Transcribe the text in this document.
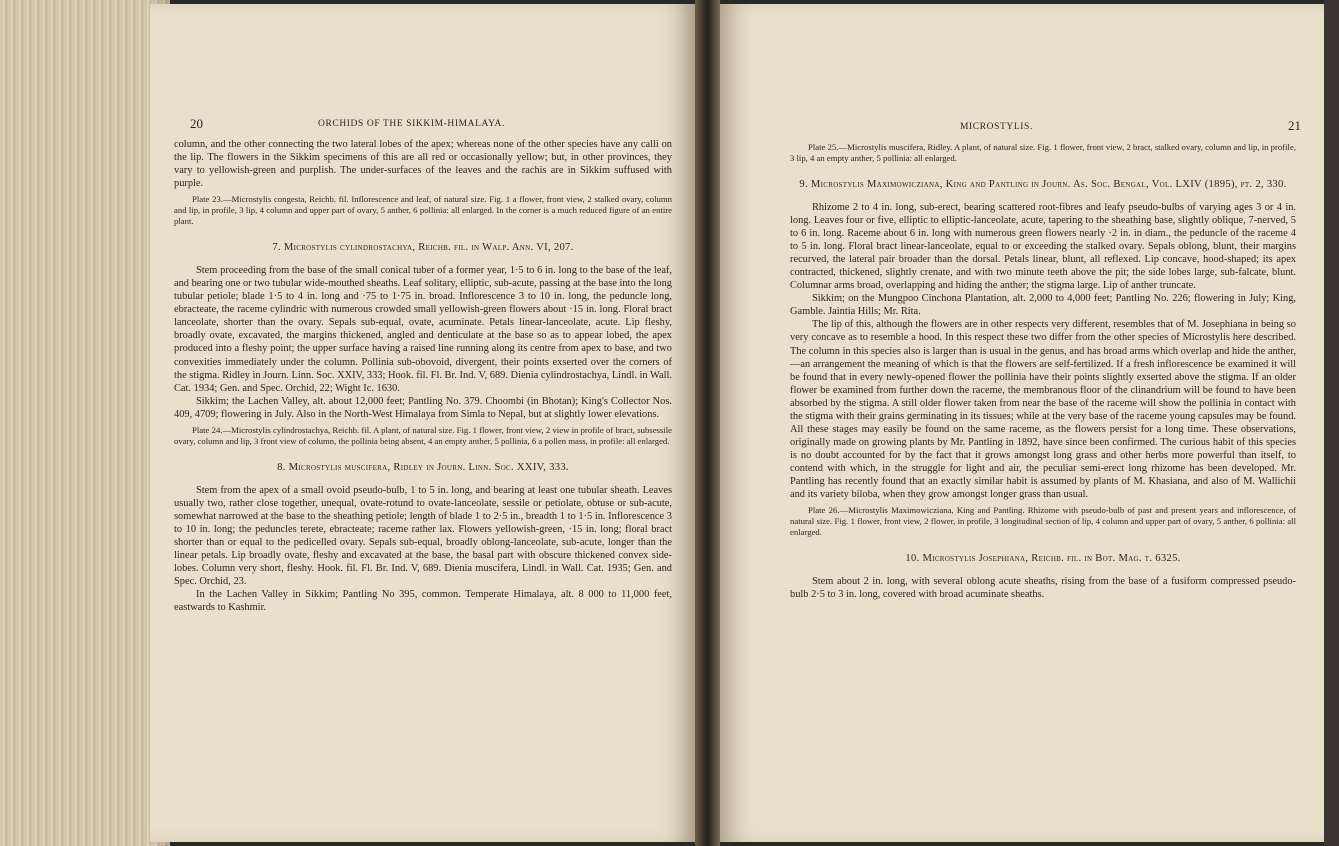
20	ORCHIDS OF THE SIKKIM-HIMALAYA.

column, and the other connecting the two lateral lobes of the apex; whereas none of the other species have any calli on the lip. The flowers in the Sikkim specimens of this are all red or occasionally yellow; but, in other provinces, they vary to yellowish-green and purplish. The under-surfaces of the leaves and the rachis are in Sikkim suffused with purple.

Plate 23.—Microstylis congesta, Reichb. fil. Inflorescence and leaf, of natural size. Fig. 1 a flower, front view, 2 stalked ovary, column and lip, in profile, 3 lip, 4 column and upper part of ovary, 5 anther, 6 pollinia: all enlarged. In the corner is a much reduced figure of an entire plant.

7. Microstylis cylindrostachya, Reichb. fil. in Walp. Ann. VI, 207.

Stem proceeding from the base of the small conical tuber of a former year, 1·5 to 6 in. long to the base of the leaf, and bearing one or two tubular wide-mouthed sheaths. Leaf solitary, elliptic, sub-acute, passing at the base into the long tubular petiole; blade 1·5 to 4 in. long and ·75 to 1·75 in. broad. Inflorescence 3 to 10 in. long, the peduncle long, ebracteate, the raceme cylindric with numerous crowded small yellowish-green flowers about ·15 in. long. Floral bract lanceolate, shorter than the ovary. Sepals sub-equal, ovate, acuminate. Petals linear-lanceolate, acute. Lip fleshy, broadly ovate, excavated, the margins thickened, angled and denticulate at the base so as to appear lobed, the apex produced into a fleshy point; the upper surface having a raised line running along its centre from apex to base, and two convexities immediately under the column. Pollinia sub-obovoid, divergent, their points exserted over the corners of the stigma. Ridley in Journ. Linn. Soc. XXIV, 333; Hook. fil. Fl. Br. Ind. V, 689. Dienia cylindrostachya, Lindl. in Wall. Cat. 1934; Gen. and Spec. Orchid, 22; Wight Ic. 1630.

Sikkim; the Lachen Valley, alt. about 12,000 feet; Pantling No. 379. Choombi (in Bhotan); King's Collector Nos. 409, 4709; flowering in July. Also in the North-West Himalaya from Simla to Nepal, but at slightly lower elevations.

Plate 24.—Microstylis cylindrostachya, Reichb. fil. A plant, of natural size. Fig. 1 flower, front view, 2 view in profile of bract, subsessile ovary, column and lip, 3 front view of column, the pollinia being absent, 4 an empty anther, 5 pollinia, 6 a pollen mass, in profile: all enlarged.

8. Microstylis muscifera, Ridley in Journ. Linn. Soc. XXIV, 333.

Stem from the apex of a small ovoid pseudo-bulb, 1 to 5 in. long, and bearing at least one tubular sheath. Leaves usually two, rather close together, unequal, ovate-rotund to ovate-lanceolate, sessile or petiolate, obtuse or sub-acute, somewhat narrowed at the base to the sheathing petiole; length of blade 1 to 2·5 in., breadth 1 to 1·5 in. Inflorescence 3 to 10 in. long; the peduncles terete, ebracteate; raceme rather lax. Flowers yellowish-green, ·15 in. long; floral bract shorter than or equal to the pedicelled ovary. Sepals sub-equal, broadly oblong-lanceolate, sub-acute, longer than the linear petals. Lip broadly ovate, fleshy and excavated at the base, the basal part with obscure thickened convex side-lobes. Column very short, fleshy. Hook. fil. Fl. Br. Ind. V, 689. Dienia muscifera, Lindl. in Wall. Cat. 1935; Gen. and Spec. Orchid, 23.

In the Lachen Valley in Sikkim; Pantling No 395, common. Temperate Himalaya, alt. 8 000 to 11,000 feet, eastwards to Kashmir.

MICROSTYLIS.	21

Plate 25.—Microstylis muscifera, Ridley. A plant, of natural size. Fig. 1 flower, front view, 2 bract, stalked ovary, column and lip, in profile, 3 lip, 4 an empty anther, 5 pollinia: all enlarged.

9. Microstylis Maximowicziana, King and Pantling in Journ. As. Soc. Bengal, Vol. LXIV (1895), pt. 2, 330.

Rhizome 2 to 4 in. long, sub-erect, bearing scattered root-fibres and leafy pseudo-bulbs of varying ages 3 or 4 in. long. Leaves four or five, elliptic to elliptic-lanceolate, acute, tapering to the sheathing base, slightly oblique, 7-nerved, 5 to 6 in. long. Raceme about 6 in. long with numerous green flowers nearly ·2 in. in diam., the peduncle of the raceme 4 to 5 in. long. Floral bract linear-lanceolate, equal to or exceeding the stalked ovary. Sepals oblong, blunt, their margins recurved, the lateral pair broader than the dorsal. Petals linear, blunt, all reflexed. Lip concave, hood-shaped; its apex contracted, thickened, slightly crenate, and with two minute teeth above the pit; the side lobes large, sub-falcate, blunt. Columnar arms broad, overlapping and hiding the anther; the stigma large. Lip of anther truncate.

Sikkim; on the Mungpoo Cinchona Plantation, alt. 2,000 to 4,000 feet; Pantling No. 226; flowering in July; King, Gamble. Jaintia Hills; Mr. Rita.

The lip of this, although the flowers are in other respects very different, resembles that of M. Josephiana in being so very concave as to resemble a hood. In this respect these two differ from the other species of Microstylis here described. The column in this species also is larger than is usual in the genus, and has broad arms which overlap and hide the anther,—an arrangement the meaning of which is that the flowers are self-fertilized. If a fresh inflorescence be examined it will be found that in every newly-opened flower the pollinia have their points slightly exserted above the stigma. If an older flower be examined from further down the raceme, the membranous floor of the clinandrium will be found to have been absorbed by the stigma. A still older flower taken from near the base of the raceme will show the pollinia in contact with the stigma with their grains germinating in its tissues; while at the very base of the raceme young capsules may be found. All these stages may easily be found on the same raceme, as the flowers persist for a long time. These observations, originally made on growing plants by Mr. Pantling in 1892, have since been confirmed. The curious habit of this species is no doubt accounted for by the fact that it grows amongst long grass and other herbs more powerful than itself, to contend with which, in the struggle for light and air, the peculiar semi-erect long rhizome has been developed. Mr. Pantling has recently found that an exactly similar habit is assumed by plants of M. Khasiana, and also of M. Wallichii and its variety biloba, when they grow amongst longer grass than usual.

Plate 26.—Microstylis Maximowicziana, King and Pantling. Rhizome with pseudo-bulb of past and present years and inflorescence, of natural size. Fig. 1 flower, front view, 2 flower, in profile, 3 longitudinal section of lip, 4 column and upper part of ovary, 5 anther, 6 pollinia: all enlarged.

10. Microstylis Josephiana, Reichb. fil. in Bot. Mag. t. 6325.

Stem about 2 in. long, with several oblong acute sheaths, rising from the base of a fusiform compressed pseudo-bulb 2·5 to 3 in. long, covered with broad acuminate sheaths.
